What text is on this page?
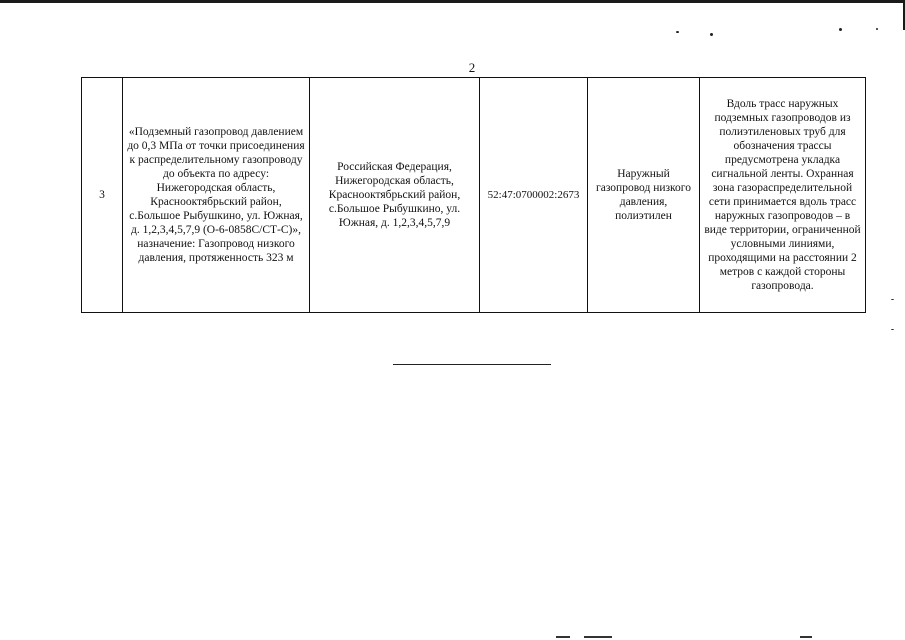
2
3	«Подземный газопровод давлением до 0,3 МПа от точки присоединения к распределительному газопроводу до объекта по адресу: Нижегородская область, Краснооктябрьский район, с.Большое Рыбушкино, ул. Южная, д. 1,2,3,4,5,7,9 (О-6-0858С/СТ-С)», назначение: Газопровод низкого давления, протяженность 323 м	Российская Федерация, Нижегородская область, Краснооктябрьский район, с.Большое Рыбушкино, ул. Южная, д. 1,2,3,4,5,7,9	52:47:0700002:2673	Наружный газопровод низкого давления, полиэтилен	Вдоль трасс наружных подземных газопроводов из полиэтиленовых труб для обозначения трассы предусмотрена укладка сигнальной ленты. Охранная зона газораспределительной сети принимается вдоль трасс наружных газопроводов – в виде территории, ограниченной условными линиями, проходящими на расстоянии 2 метров с каждой стороны газопровода.
